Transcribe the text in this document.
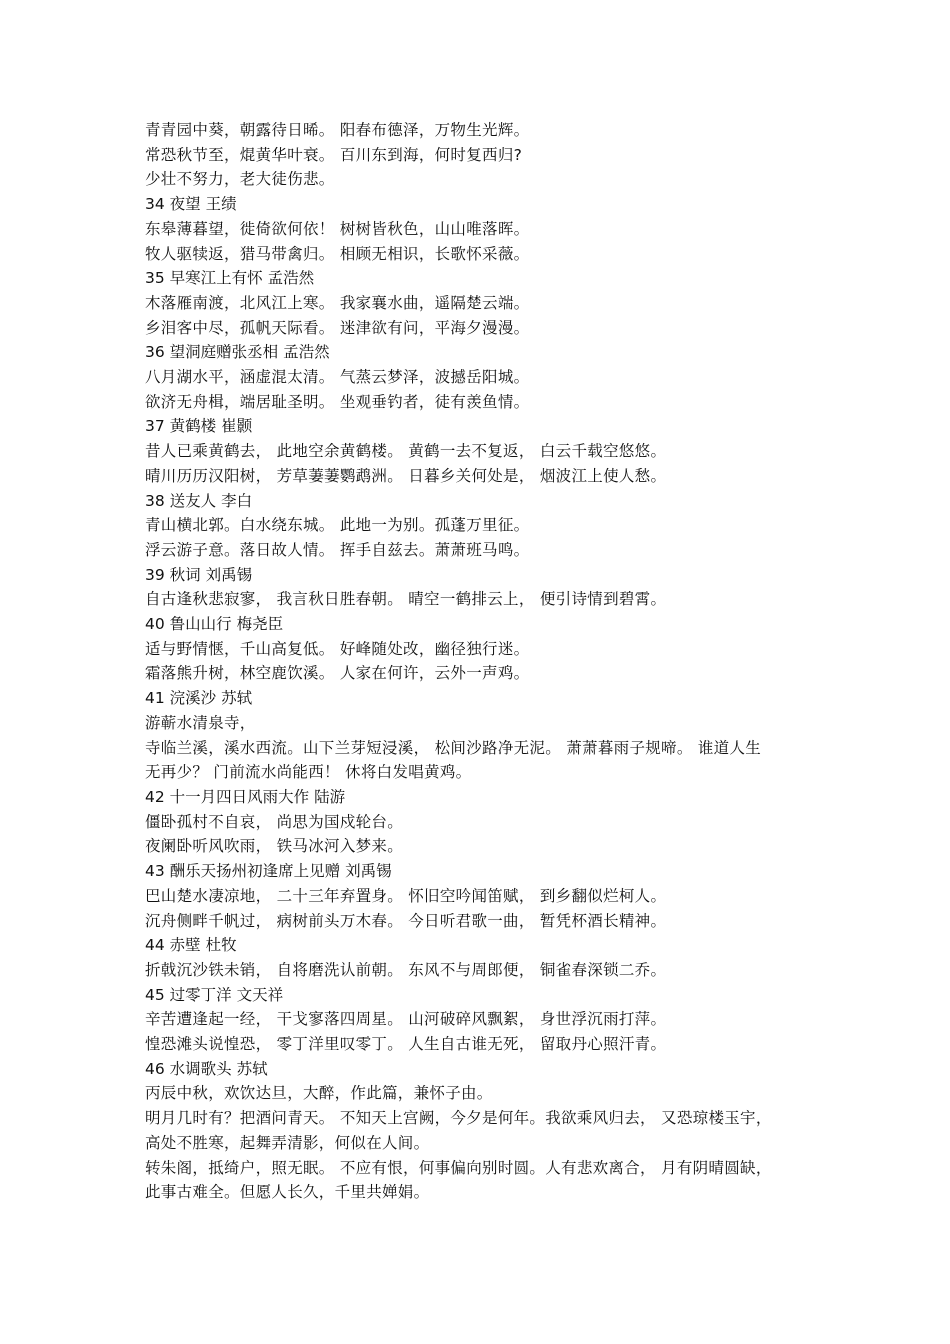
青青园中葵，朝露待日晞。 阳春布德泽，万物生光辉。
常恐秋节至，焜黄华叶衰。 百川东到海，何时复西归?
少壮不努力，老大徒伤悲。
34 夜望 王绩
东皋薄暮望，徙倚欲何依！ 树树皆秋色，山山唯落晖。
牧人驱犊返，猎马带禽归。 相顾无相识，长歌怀采薇。
35 早寒江上有怀 孟浩然
木落雁南渡，北风江上寒。 我家襄水曲，遥隔楚云端。
乡泪客中尽，孤帆天际看。 迷津欲有问，平海夕漫漫。
36 望洞庭赠张丞相 孟浩然
八月湖水平，涵虚混太清。 气蒸云梦泽，波撼岳阳城。
欲济无舟楫，端居耻圣明。 坐观垂钓者，徒有羡鱼情。
37 黄鹤楼 崔颢
昔人已乘黄鹤去， 此地空余黄鹤楼。 黄鹤一去不复返， 白云千载空悠悠。
晴川历历汉阳树， 芳草萋萋鹦鹉洲。 日暮乡关何处是， 烟波江上使人愁。
38 送友人 李白
青山横北郭。白水绕东城。 此地一为别。孤蓬万里征。
浮云游子意。落日故人情。 挥手自兹去。萧萧班马鸣。
39 秋词 刘禹锡
自古逢秋悲寂寥， 我言秋日胜春朝。 晴空一鹤排云上， 便引诗情到碧霄。
40 鲁山山行 梅尧臣
适与野情惬，千山高复低。 好峰随处改，幽径独行迷。
霜落熊升树，林空鹿饮溪。 人家在何许，云外一声鸡。
41 浣溪沙 苏轼
游蕲水清泉寺，
寺临兰溪，溪水西流。山下兰芽短浸溪， 松间沙路净无泥。 萧萧暮雨子规啼。 谁道人生
无再少？ 门前流水尚能西！ 休将白发唱黄鸡。
42 十一月四日风雨大作 陆游
僵卧孤村不自哀， 尚思为国戍轮台。
夜阑卧听风吹雨， 铁马冰河入梦来。
43 酬乐天扬州初逢席上见赠 刘禹锡
巴山楚水凄凉地， 二十三年弃置身。 怀旧空吟闻笛赋， 到乡翻似烂柯人。
沉舟侧畔千帆过， 病树前头万木春。 今日听君歌一曲， 暂凭杯酒长精神。
44 赤壁 杜牧
折戟沉沙铁未销， 自将磨洗认前朝。 东风不与周郎便， 铜雀春深锁二乔。
45 过零丁洋 文天祥
辛苦遭逢起一经， 干戈寥落四周星。 山河破碎风飘絮， 身世浮沉雨打萍。
惶恐滩头说惶恐， 零丁洋里叹零丁。 人生自古谁无死， 留取丹心照汗青。
46 水调歌头 苏轼
丙辰中秋，欢饮达旦，大醉，作此篇，兼怀子由。
明月几时有？把酒问青天。 不知天上宫阙，今夕是何年。我欲乘风归去， 又恐琼楼玉宇，
高处不胜寒，起舞弄清影，何似在人间。
转朱阁，抵绮户，照无眠。 不应有恨，何事偏向别时圆。人有悲欢离合， 月有阴晴圆缺，
此事古难全。但愿人长久，千里共婵娟。
